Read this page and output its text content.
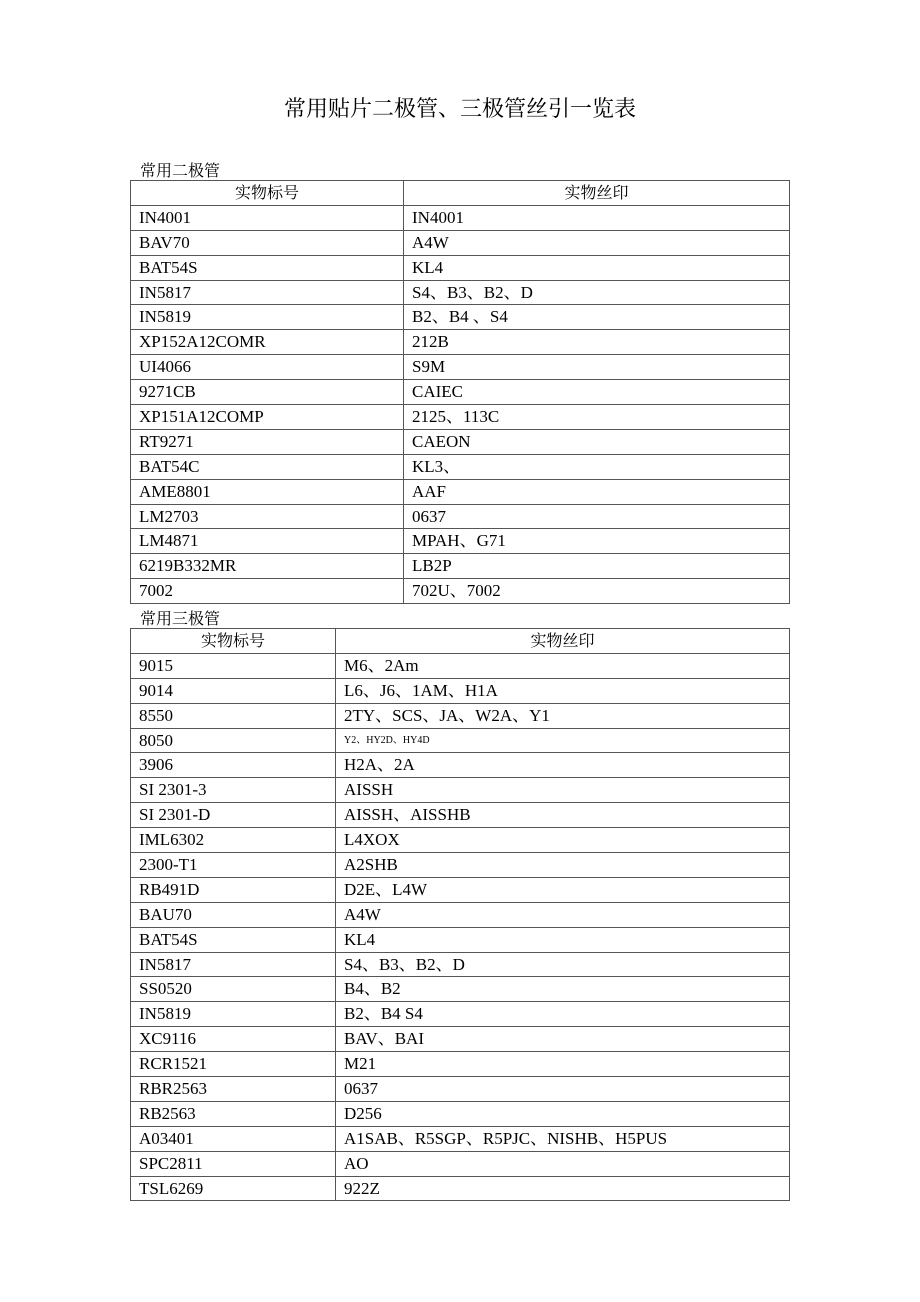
常用贴片二极管、三极管丝引一览表
常用二极管
实物标号	实物丝印
IN4001	IN4001
BAV70	A4W
BAT54S	KL4
IN5817	S4、B3、B2、D
IN5819	B2、B4 、S4
XP152A12COMR	212B
UI4066	S9M
9271CB	CAIEC
XP151A12COMP	2125、113C
RT9271	CAEON
BAT54C	KL3、
AME8801	AAF
LM2703	0637
LM4871	MPAH、G71
6219B332MR	LB2P
7002	702U、7002
常用三极管
实物标号	实物丝印
9015	M6、2Am
9014	L6、J6、1AM、H1A
8550	2TY、SCS、JA、W2A、Y1
8050	Y2、HY2D、HY4D
3906	H2A、2A
SI 2301-3	AISSH
SI 2301-D	AISSH、AISSHB
IML6302	L4XOX
2300-T1	A2SHB
RB491D	D2E、L4W
BAU70	A4W
BAT54S	KL4
IN5817	S4、B3、B2、D
SS0520	B4、B2
IN5819	B2、B4 S4
XC9116	BAV、BAI
RCR1521	M21
RBR2563	0637
RB2563	D256
A03401	A1SAB、R5SGP、R5PJC、NISHB、H5PUS
SPC2811	AO
TSL6269	922Z
